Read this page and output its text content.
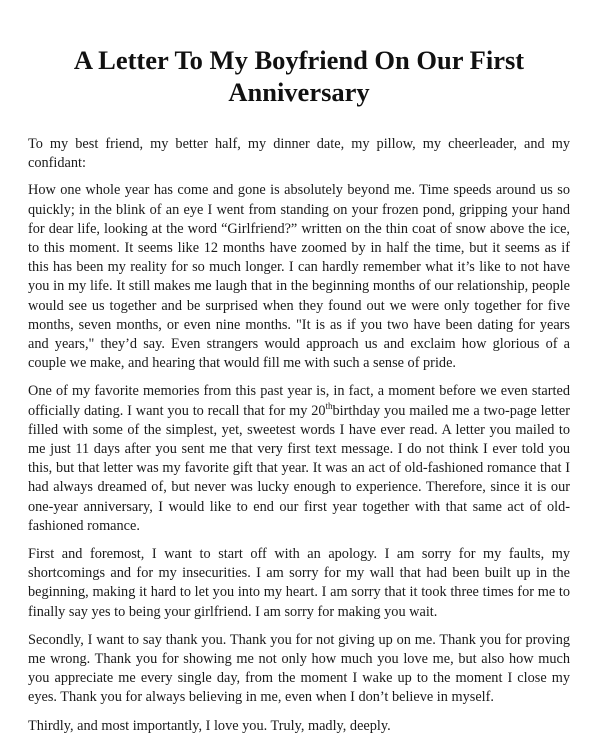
A Letter To My Boyfriend On Our First
Anniversary

To my best friend, my better half, my dinner date, my pillow, my cheerleader, and my confidant:

How one whole year has come and gone is absolutely beyond me. Time speeds around us so quickly; in the blink of an eye I went from standing on your frozen pond, gripping your hand for dear life, looking at the word “Girlfriend?” written on the thin coat of snow above the ice, to this moment. It seems like 12 months have zoomed by in half the time, but it seems as if this has been my reality for so much longer. I can hardly remember what it’s like to not have you in my life. It still makes me laugh that in the beginning months of our relationship, people would see us together and be surprised when they found out we were only together for five months, seven months, or even nine months. "It is as if you two have been dating for years and years," they’d say. Even strangers would approach us and exclaim how glorious of a couple we make, and hearing that would fill me with such a sense of pride.

One of my favorite memories from this past year is, in fact, a moment before we even started officially dating. I want you to recall that for my 20thbirthday you mailed me a two-page letter filled with some of the simplest, yet, sweetest words I have ever read. A letter you mailed to me just 11 days after you sent me that very first text message. I do not think I ever told you this, but that letter was my favorite gift that year. It was an act of old-fashioned romance that I had always dreamed of, but never was lucky enough to experience. Therefore, since it is our one-year anniversary, I would like to end our first year together with that same act of old-fashioned romance.

First and foremost, I want to start off with an apology. I am sorry for my faults, my shortcomings and for my insecurities. I am sorry for my wall that had been built up in the beginning, making it hard to let you into my heart. I am sorry that it took three times for me to finally say yes to being your girlfriend. I am sorry for making you wait.

Secondly, I want to say thank you. Thank you for not giving up on me. Thank you for proving me wrong. Thank you for showing me not only how much you love me, but also how much you appreciate me every single day, from the moment I wake up to the moment I close my eyes. Thank you for always believing in me, even when I don’t believe in myself.

Thirdly, and most importantly, I love you. Truly, madly, deeply.
